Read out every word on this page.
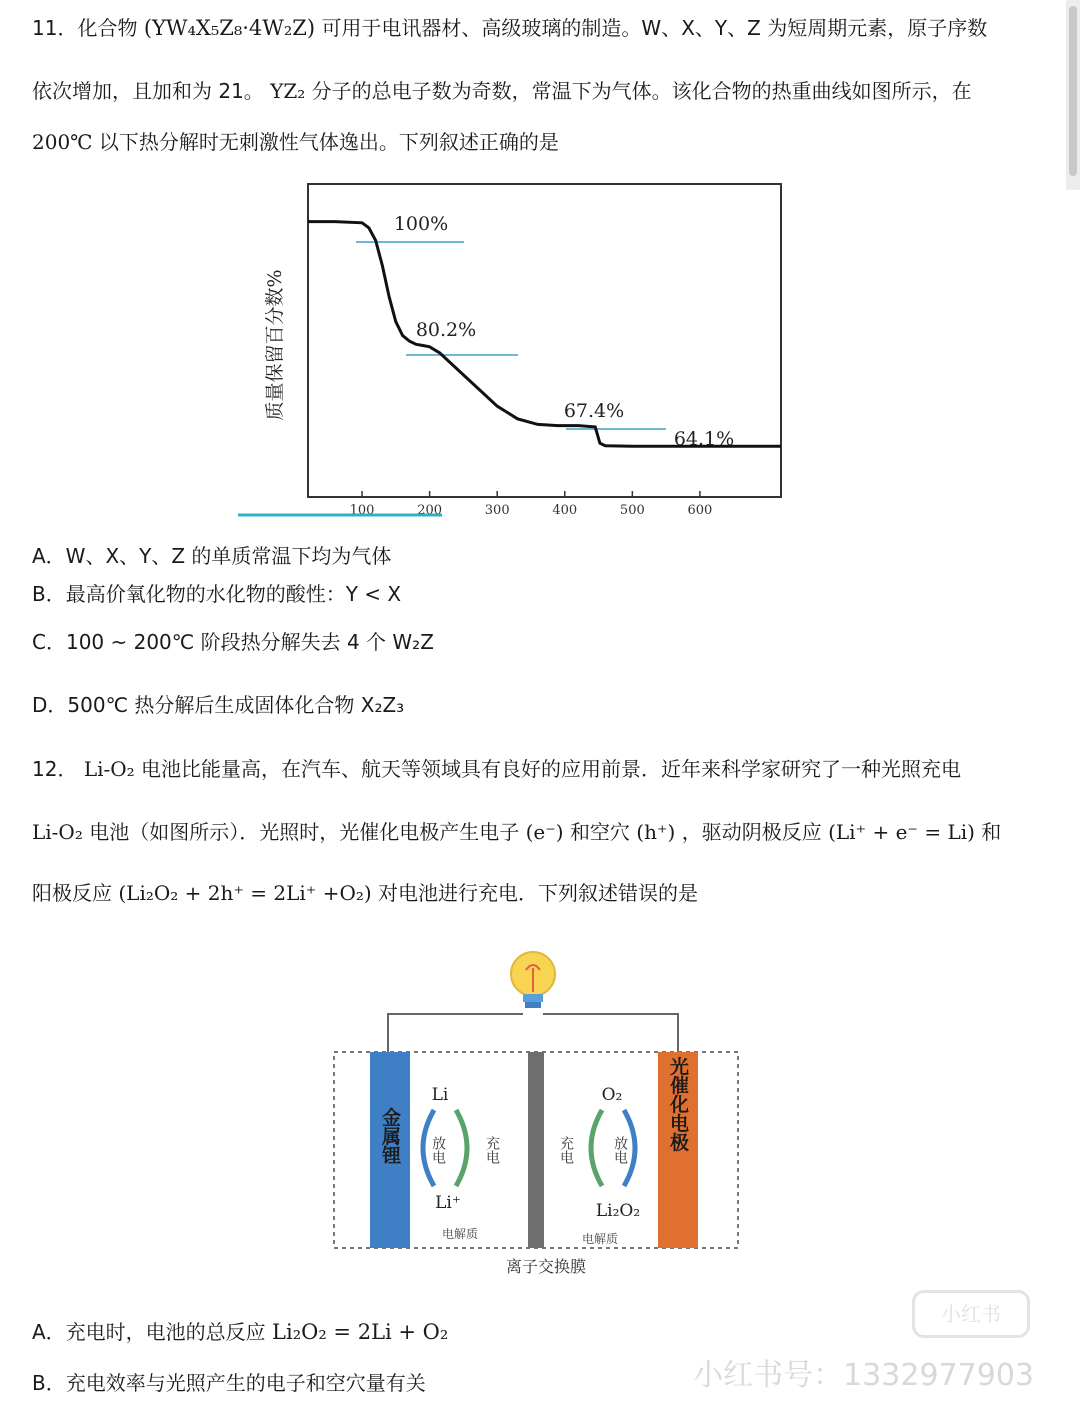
11．化合物 (YW₄X₅Z₈·4W₂Z) 可用于电讯器材、高级玻璃的制造。W、X、Y、Z 为短周期元素，原子序数
依次增加，且加和为 21。 YZ₂ 分子的总电子数为奇数，常温下为气体。该化合物的热重曲线如图所示，在
200℃ 以下热分解时无刺激性气体逸出。下列叙述正确的是
100	200	300	400	500	600
100%
80.2%
67.4%
64.1%
质量保留百分数%
A．W、X、Y、Z 的单质常温下均为气体
B．最高价氧化物的水化物的酸性：Y < X
C．100 ~ 200℃ 阶段热分解失去 4 个 W₂Z
D．500℃ 热分解后生成固体化合物 X₂Z₃
12． Li-O₂ 电池比能量高，在汽车、航天等领域具有良好的应用前景．近年来科学家研究了一种光照充电
Li-O₂ 电池（如图所示）．光照时，光催化电极产生电子 (e⁻) 和空穴 (h⁺) ，驱动阴极反应 (Li⁺ + e⁻ = Li) 和
阳极反应 (Li₂O₂ + 2h⁺ = 2Li⁺ +O₂) 对电池进行充电．下列叙述错误的是
金属锂	光催化电极
Li
Li⁺
放电	充电
电解质
O₂
Li₂O₂
充电	放电
电解质
离子交换膜
A．充电时，电池的总反应 Li₂O₂ = 2Li + O₂
B．充电效率与光照产生的电子和空穴量有关
小红书
小红书号：1332977903
